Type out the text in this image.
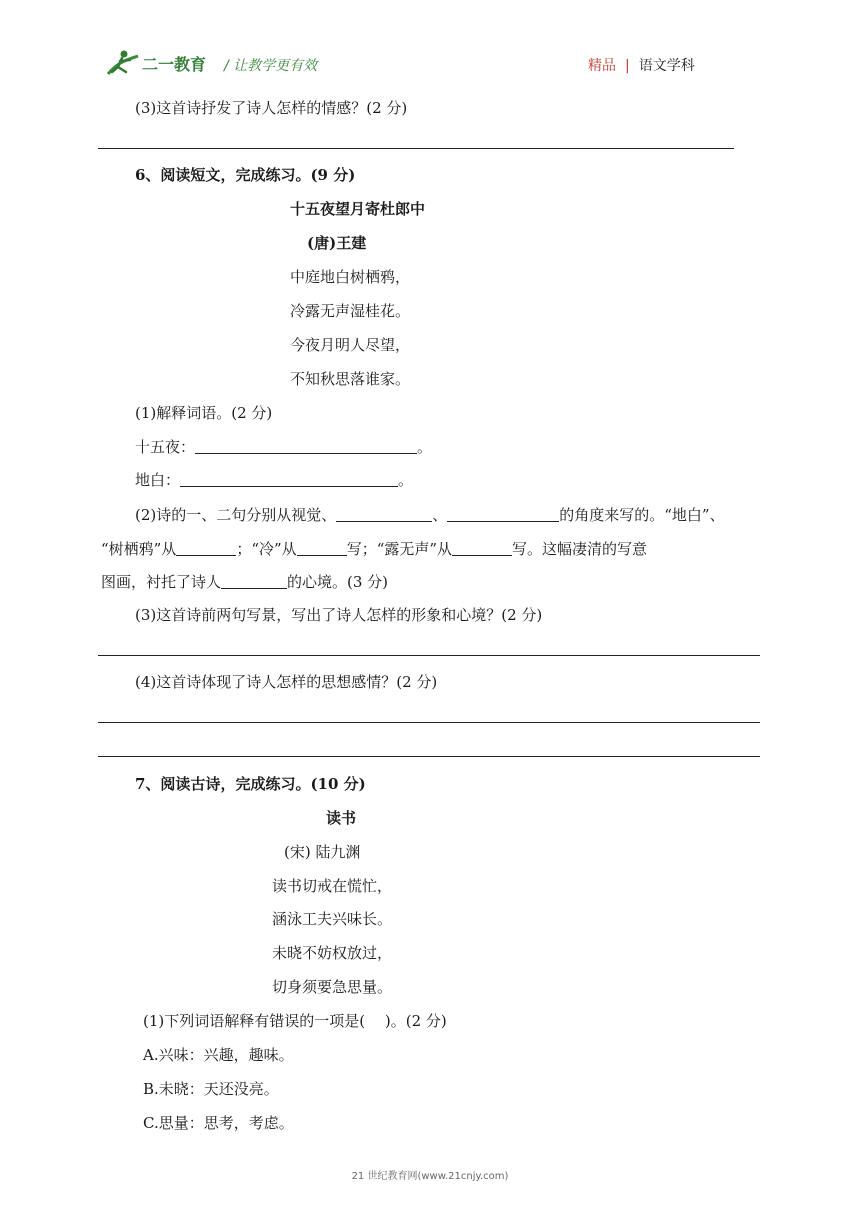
二一教育 / 让教学更有效	精品 | 语文学科
(3)这首诗抒发了诗人怎样的情感？(2 分)
6、阅读短文，完成练习。(9 分)
十五夜望月寄杜郎中
(唐)王建
中庭地白树栖鸦，
冷露无声湿桂花。
今夜月明人尽望，
不知秋思落谁家。
(1)解释词语。(2 分)
十五夜：	。
地白：	。
(2)诗的一、二句分别从视觉、	、	的角度来写的。“地白”、
“树栖鸦”从	；“冷”从	写；“露无声”从	写。这幅凄清的写意
图画，衬托了诗人	的心境。(3 分)
(3)这首诗前两句写景，写出了诗人怎样的形象和心境？(2 分)
(4)这首诗体现了诗人怎样的思想感情？(2 分)
7、阅读古诗，完成练习。(10 分)
读书
(宋) 陆九渊
读书切戒在慌忙，
涵泳工夫兴味长。
未晓不妨权放过，
切身须要急思量。
(1)下列词语解释有错误的一项是(　 )。(2 分)
A.兴味：兴趣，趣味。
B.未晓：天还没亮。
C.思量：思考，考虑。
21 世纪教育网(www.21cnjy.com)
